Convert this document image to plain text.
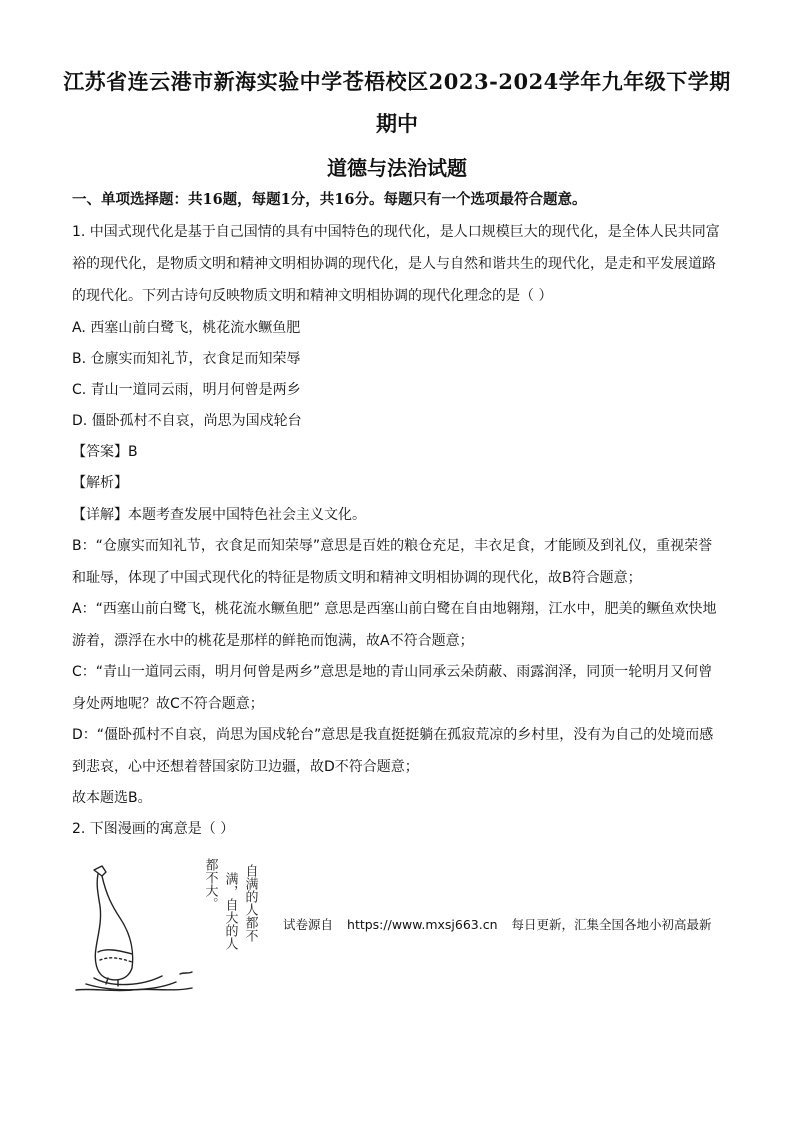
江苏省连云港市新海实验中学苍梧校区2023-2024学年九年级下学期
期中
道德与法治试题
一、单项选择题：共16题，每题1分，共16分。每题只有一个选项最符合题意。
1. 中国式现代化是基于自己国情的具有中国特色的现代化，是人口规模巨大的现代化，是全体人民共同富
裕的现代化，是物质文明和精神文明相协调的现代化，是人与自然和谐共生的现代化，是走和平发展道路
的现代化。下列古诗句反映物质文明和精神文明相协调的现代化理念的是（ ）
A. 西塞山前白鹭飞，桃花流水鳜鱼肥
B. 仓廪实而知礼节，衣食足而知荣辱
C. 青山一道同云雨，明月何曾是两乡
D. 僵卧孤村不自哀，尚思为国戍轮台
【答案】B
【解析】
【详解】本题考查发展中国特色社会主义文化。
B：“仓廪实而知礼节，衣食足而知荣辱”意思是百姓的粮仓充足，丰衣足食，才能顾及到礼仪，重视荣誉
和耻辱，体现了中国式现代化的特征是物质文明和精神文明相协调的现代化，故B符合题意；
A：“西塞山前白鹭飞，桃花流水鳜鱼肥” 意思是西塞山前白鹭在自由地翱翔，江水中，肥美的鳜鱼欢快地
游着，漂浮在水中的桃花是那样的鲜艳而饱满，故A不符合题意；
C：“青山一道同云雨，明月何曾是两乡”意思是地的青山同承云朵荫蔽、雨露润泽，同顶一轮明月又何曾
身处两地呢？故C不符合题意；
D：“僵卧孤村不自哀，尚思为国戍轮台”意思是我直挺挺躺在孤寂荒凉的乡村里，没有为自己的处境而感
到悲哀，心中还想着替国家防卫边疆，故D不符合题意；
故本题选B。
2. 下图漫画的寓意是（ ）
自满的人都不
满，自大的人
都不大。
试卷源自 https://www.mxsj663.cn 每日更新，汇集全国各地小初高最新
